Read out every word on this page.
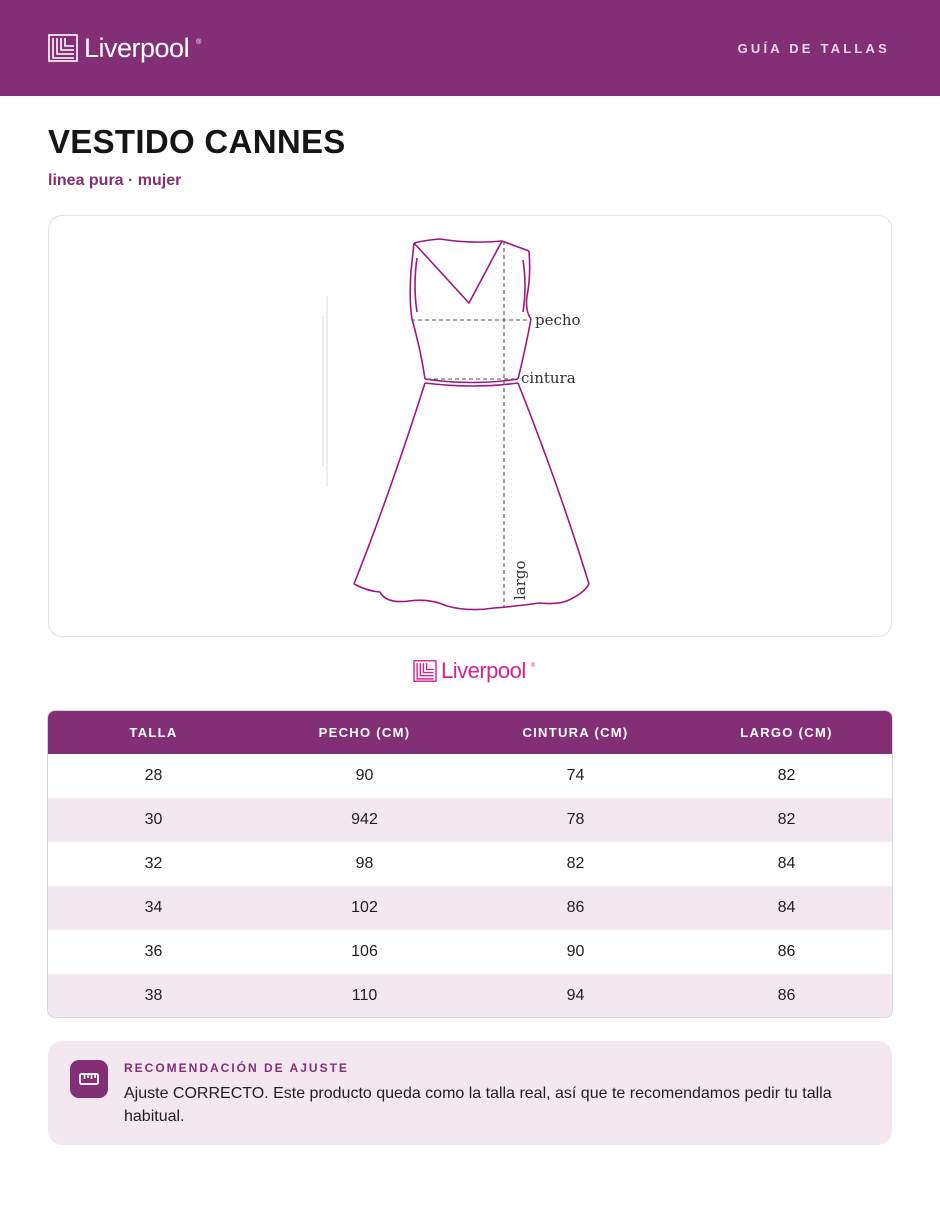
Liverpool ®	GUÍA DE TALLAS
VESTIDO CANNES
linea pura · mujer
pecho
cintura
largo
Liverpool ®
TALLA	PECHO (CM)	CINTURA (CM)	LARGO (CM)
28	90	74	82
30	942	78	82
32	98	82	84
34	102	86	84
36	106	90	86
38	110	94	86
RECOMENDACIÓN DE AJUSTE
Ajuste CORRECTO. Este producto queda como la talla real, así que te recomendamos pedir tu talla habitual.
